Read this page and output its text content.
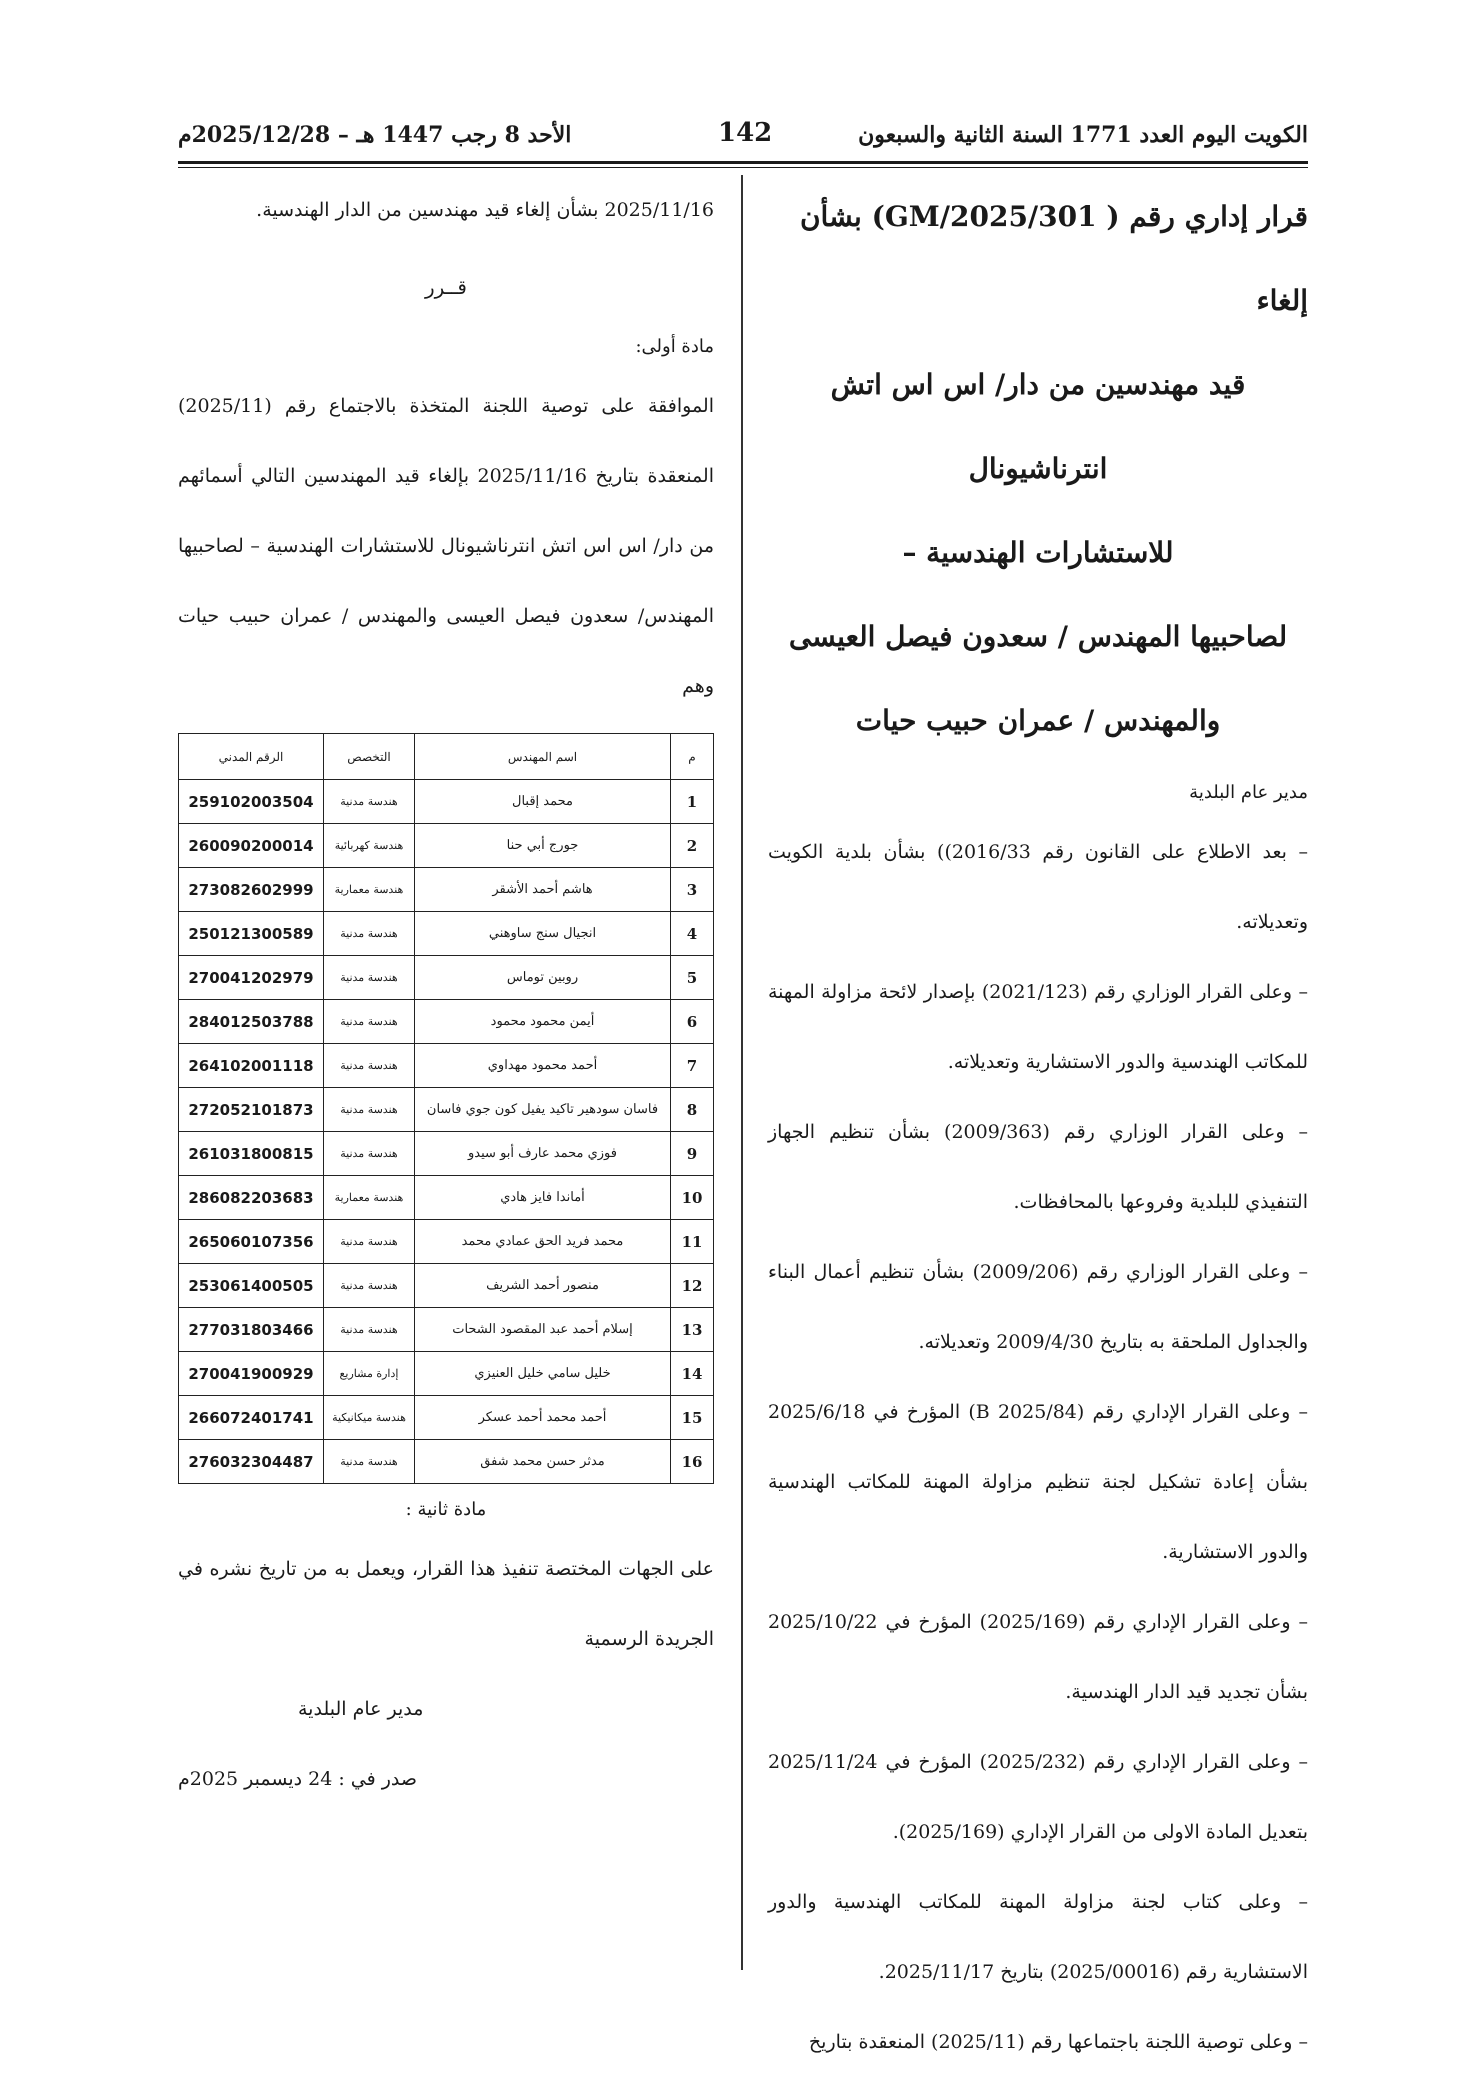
الكويت اليوم العدد 1771 السنة الثانية والسبعون
142
الأحد 8 رجب 1447 هـ – 2025/12/28م
قرار إداري رقم ( GM/2025/301) بشأن إلغاء
قيد مهندسين من دار/ اس اس اتش انترناشيونال
للاستشارات الهندسية –
لصاحبيها المهندس / سعدون فيصل العيسى
والمهندس / عمران حبيب حيات

مدير عام البلدية

– بعد الاطلاع على القانون رقم 2016/33)) بشأن بلدية الكويت وتعديلاته.

– وعلى القرار الوزاري رقم (2021/123) بإصدار لائحة مزاولة المهنة للمكاتب الهندسية والدور الاستشارية وتعديلاته.

– وعلى القرار الوزاري رقم (2009/363) بشأن تنظيم الجهاز التنفيذي للبلدية وفروعها بالمحافظات.

– وعلى القرار الوزاري رقم (2009/206) بشأن تنظيم أعمال البناء والجداول الملحقة به بتاريخ 2009/4/30 وتعديلاته.

– وعلى القرار الإداري رقم (B 2025/84) المؤرخ في 2025/6/18 بشأن إعادة تشكيل لجنة تنظيم مزاولة المهنة للمكاتب الهندسية والدور الاستشارية.

– وعلى القرار الإداري رقم (2025/169) المؤرخ في 2025/10/22 بشأن تجديد قيد الدار الهندسية.

– وعلى القرار الإداري رقم (2025/232) المؤرخ في 2025/11/24 بتعديل المادة الاولى من القرار الإداري (2025/169).

– وعلى كتاب لجنة مزاولة المهنة للمكاتب الهندسية والدور الاستشارية رقم (2025/00016) بتاريخ 2025/11/17.

– وعلى توصية اللجنة باجتماعها رقم (2025/11) المنعقدة بتاريخ

2025/11/16 بشأن إلغاء قيد مهندسين من الدار الهندسية.

قــرر

مادة أولى:

الموافقة على توصية اللجنة المتخذة بالاجتماع رقم (2025/11) المنعقدة بتاريخ 2025/11/16 بإلغاء قيد المهندسين التالي أسمائهم من دار/ اس اس اتش انترناشيونال للاستشارات الهندسية – لصاحبيها المهندس/ سعدون فيصل العيسى والمهندس / عمران حبيب حيات وهم

م	اسم المهندس	التخصص	الرقم المدني
1	محمد إقبال	هندسة مدنية	259102003504
2	جورج أبي حنا	هندسة كهربائية	260090200014
3	هاشم أحمد الأشقر	هندسة معمارية	273082602999
4	انجيال سنج ساوهني	هندسة مدنية	250121300589
5	روبين توماس	هندسة مدنية	270041202979
6	أيمن محمود محمود	هندسة مدنية	284012503788
7	أحمد محمود مهداوي	هندسة مدنية	264102001118
8	فاسان سودهير تاكيد يفيل كون جوي فاسان	هندسة مدنية	272052101873
9	فوزي محمد عارف أبو سيدو	هندسة مدنية	261031800815
10	أماندا فايز هادي	هندسة معمارية	286082203683
11	محمد فريد الحق عمادي محمد	هندسة مدنية	265060107356
12	منصور أحمد الشريف	هندسة مدنية	253061400505
13	إسلام أحمد عبد المقصود الشحات	هندسة مدنية	277031803466
14	خليل سامي خليل العنيزي	إدارة مشاريع	270041900929
15	أحمد محمد أحمد عسكر	هندسة ميكانيكية	266072401741
16	مدثر حسن محمد شفق	هندسة مدنية	276032304487

مادة ثانية :

على الجهات المختصة تنفيذ هذا القرار، ويعمل به من تاريخ نشره في الجريدة الرسمية

مدير عام البلدية

صدر في : 24 ديسمبر 2025م
